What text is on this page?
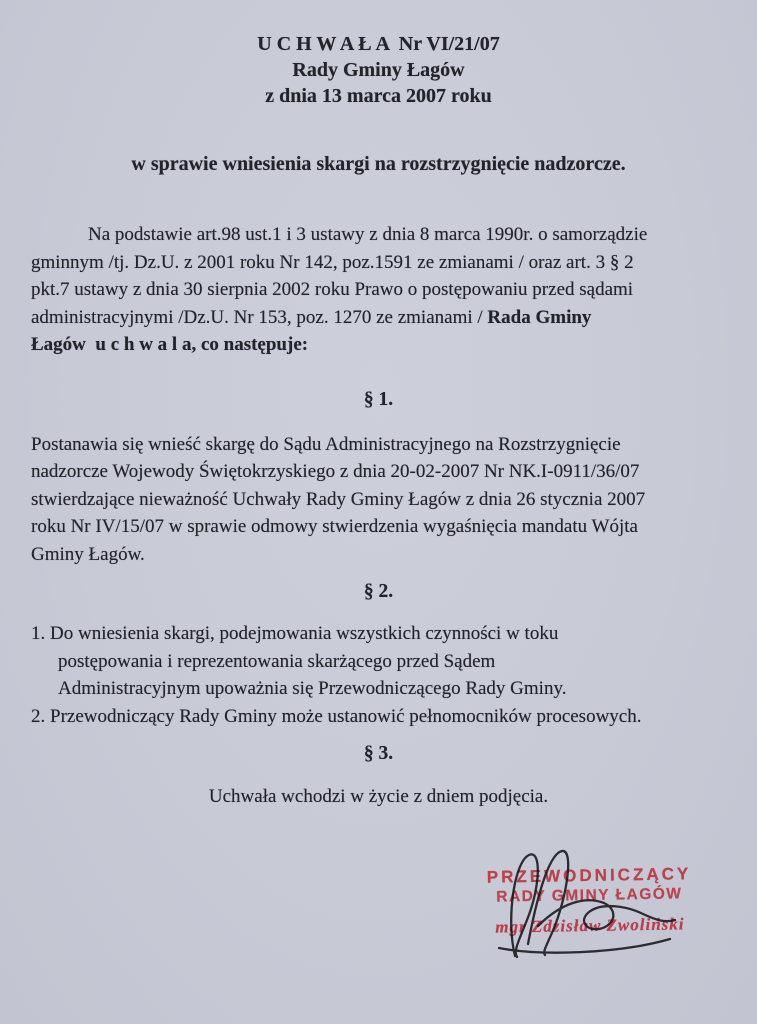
U C H W A Ł A  Nr VI/21/07
Rady Gminy Łagów
z dnia 13 marca 2007 roku
w sprawie wniesienia skargi na rozstrzygnięcie nadzorcze.
Na podstawie art.98 ust.1 i 3 ustawy z dnia 8 marca 1990r. o samorządzie
gminnym /tj. Dz.U. z 2001 roku Nr 142, poz.1591 ze zmianami / oraz art. 3 § 2
pkt.7 ustawy z dnia 30 sierpnia 2002 roku Prawo o postępowaniu przed sądami
administracyjnymi /Dz.U. Nr 153, poz. 1270 ze zmianami / Rada Gminy
Łagów  u c h w a l a, co następuje:
§ 1.
Postanawia się wnieść skargę do Sądu Administracyjnego na Rozstrzygnięcie
nadzorcze Wojewody Świętokrzyskiego z dnia 20-02-2007 Nr NK.I-0911/36/07
stwierdzające nieważność Uchwały Rady Gminy Łagów z dnia 26 stycznia 2007
roku Nr IV/15/07 w sprawie odmowy stwierdzenia wygaśnięcia mandatu Wójta
Gminy Łagów.
§ 2.
1. Do wniesienia skargi, podejmowania wszystkich czynności w toku
postępowania i reprezentowania skarżącego przed Sądem
Administracyjnym upoważnia się Przewodniczącego Rady Gminy.
2. Przewodniczący Rady Gminy może ustanowić pełnomocników procesowych.
§ 3.
Uchwała wchodzi w życie z dniem podjęcia.
PRZEWODNICZĄCY
RADY GMINY ŁAGÓW
mgr Zdzisław Zwoliński
